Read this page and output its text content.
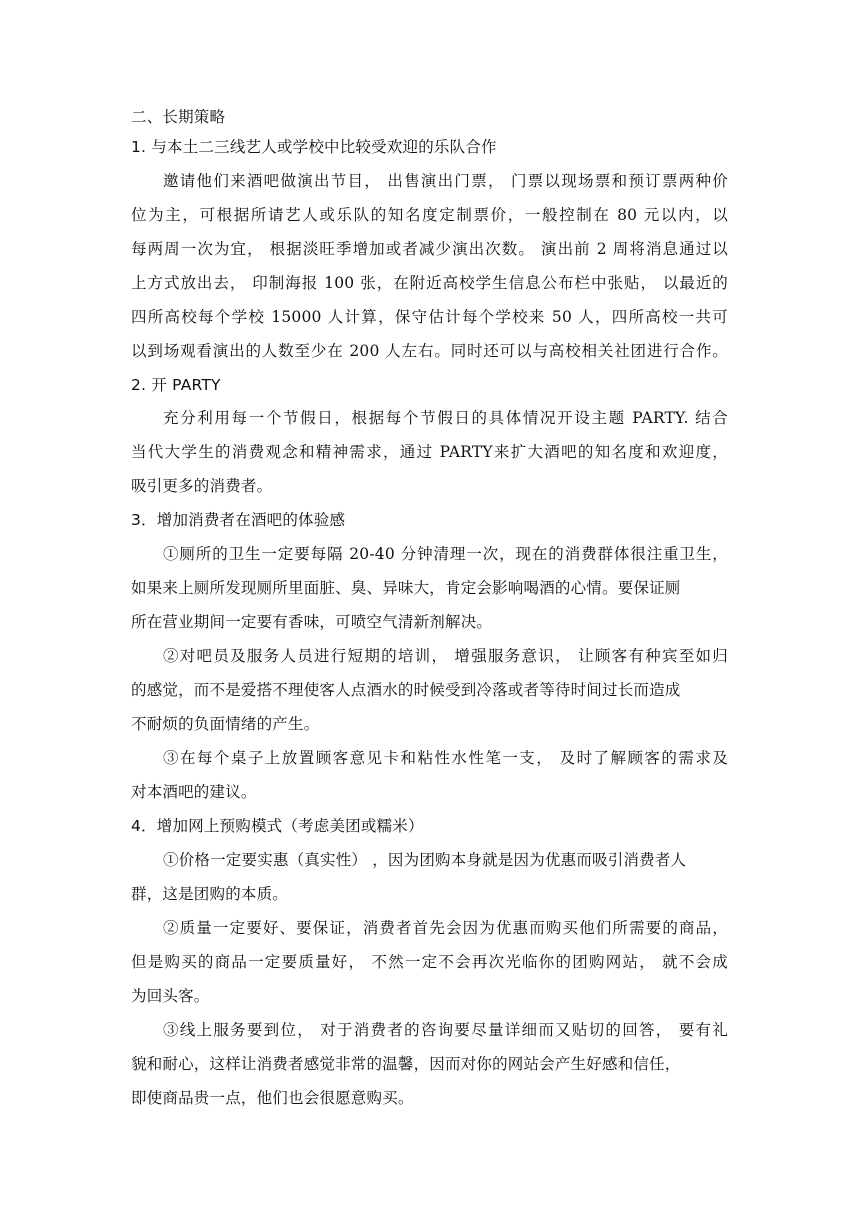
二、长期策略
1. 与本土二三线艺人或学校中比较受欢迎的乐队合作
邀请他们来酒吧做演出节目， 出售演出门票， 门票以现场票和预订票两种价
位为主，可根据所请艺人或乐队的知名度定制票价，一般控制在 80 元以内，以
每两周一次为宜， 根据淡旺季增加或者减少演出次数。 演出前 2 周将消息通过以
上方式放出去， 印制海报 100 张，在附近高校学生信息公布栏中张贴， 以最近的
四所高校每个学校 15000 人计算，保守估计每个学校来 50 人，四所高校一共可
以到场观看演出的人数至少在 200 人左右。同时还可以与高校相关社团进行合作。
2. 开 PARTY
充分利用每一个节假日，根据每个节假日的具体情况开设主题 PARTY. 结合
当代大学生的消费观念和精神需求，通过 PARTY来扩大酒吧的知名度和欢迎度，
吸引更多的消费者。
3．增加消费者在酒吧的体验感
①厕所的卫生一定要每隔 20-40 分钟清理一次，现在的消费群体很注重卫生，
如果来上厕所发现厕所里面脏、臭、异味大，肯定会影响喝酒的心情。要保证厕
所在营业期间一定要有香味，可喷空气清新剂解决。
②对吧员及服务人员进行短期的培训， 增强服务意识， 让顾客有种宾至如归
的感觉，而不是爱搭不理使客人点酒水的时候受到冷落或者等待时间过长而造成
不耐烦的负面情绪的产生。
③在每个桌子上放置顾客意见卡和粘性水性笔一支， 及时了解顾客的需求及
对本酒吧的建议。
4．增加网上预购模式（考虑美团或糯米）
①价格一定要实惠（真实性） ，因为团购本身就是因为优惠而吸引消费者人
群，这是团购的本质。
②质量一定要好、要保证，消费者首先会因为优惠而购买他们所需要的商品，
但是购买的商品一定要质量好， 不然一定不会再次光临你的团购网站， 就不会成
为回头客。
③线上服务要到位， 对于消费者的咨询要尽量详细而又贴切的回答， 要有礼
貌和耐心，这样让消费者感觉非常的温馨，因而对你的网站会产生好感和信任，
即使商品贵一点，他们也会很愿意购买。
